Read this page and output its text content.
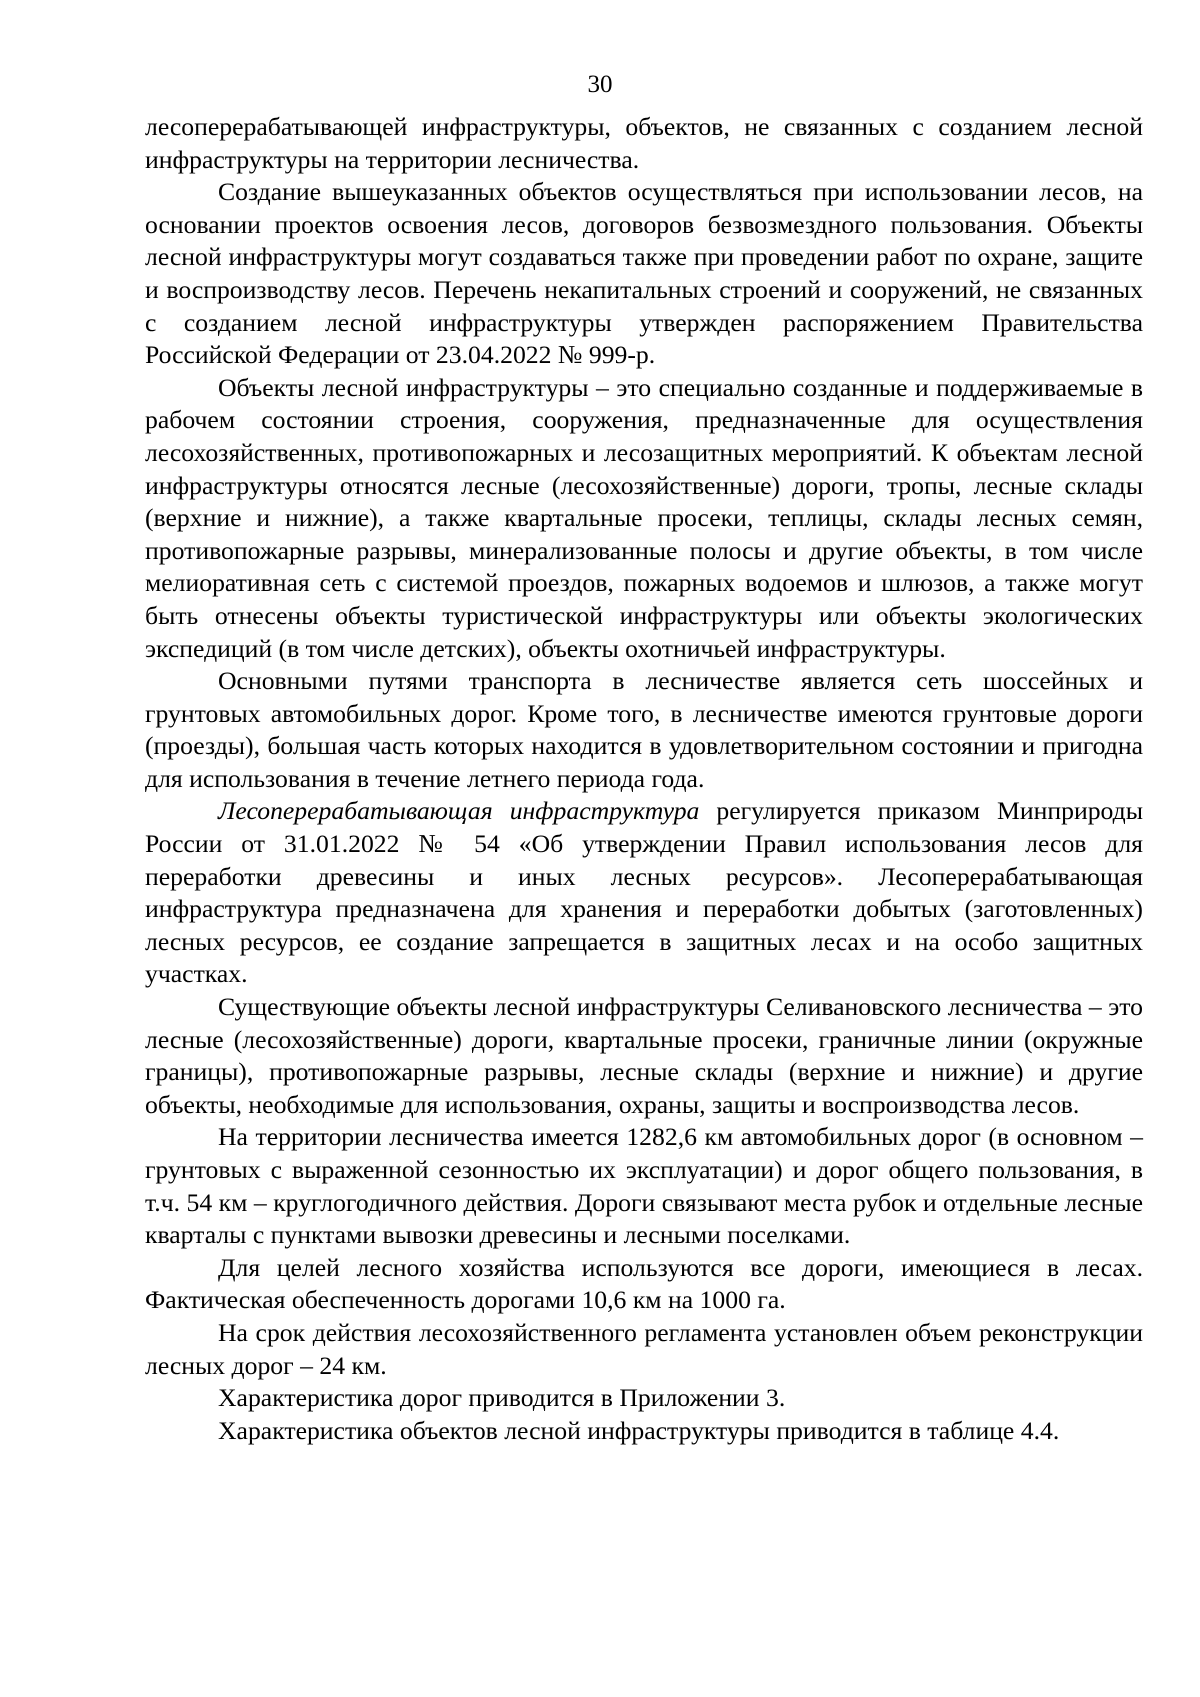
30

лесоперерабатывающей инфраструктуры, объектов, не связанных с созданием лесной инфраструктуры на территории лесничества.

Создание вышеуказанных объектов осуществляться при использовании лесов, на основании проектов освоения лесов, договоров безвозмездного пользования. Объекты лесной инфраструктуры могут создаваться также при проведении работ по охране, защите и воспроизводству лесов. Перечень некапитальных строений и сооружений, не связанных с созданием лесной инфраструктуры утвержден распоряжением Правительства Российской Федерации от 23.04.2022 № 999-р.

Объекты лесной инфраструктуры – это специально созданные и поддерживаемые в рабочем состоянии строения, сооружения, предназначенные для осуществления лесохозяйственных, противопожарных и лесозащитных мероприятий. К объектам лесной инфраструктуры относятся лесные (лесохозяйственные) дороги, тропы, лесные склады (верхние и нижние), а также квартальные просеки, теплицы, склады лесных семян, противопожарные разрывы, минерализованные полосы и другие объекты, в том числе мелиоративная сеть с системой проездов, пожарных водоемов и шлюзов, а также могут быть отнесены объекты туристической инфраструктуры или объекты экологических экспедиций (в том числе детских), объекты охотничьей инфраструктуры.

Основными путями транспорта в лесничестве является сеть шоссейных и грунтовых автомобильных дорог. Кроме того, в лесничестве имеются грунтовые дороги (проезды), большая часть которых находится в удовлетворительном состоянии и пригодна для использования в течение летнего периода года.

Лесоперерабатывающая инфраструктура регулируется приказом Минприроды России от 31.01.2022 № 54 «Об утверждении Правил использования лесов для переработки древесины и иных лесных ресурсов». Лесоперерабатывающая инфраструктура предназначена для хранения и переработки добытых (заготовленных) лесных ресурсов, ее создание запрещается в защитных лесах и на особо защитных участках.

Существующие объекты лесной инфраструктуры Селивановского лесничества – это лесные (лесохозяйственные) дороги, квартальные просеки, граничные линии (окружные границы), противопожарные разрывы, лесные склады (верхние и нижние) и другие объекты, необходимые для использования, охраны, защиты и воспроизводства лесов.

На территории лесничества имеется 1282,6 км автомобильных дорог (в основном – грунтовых с выраженной сезонностью их эксплуатации) и дорог общего пользования, в т.ч. 54 км – круглогодичного действия. Дороги связывают места рубок и отдельные лесные кварталы с пунктами вывозки древесины и лесными поселками.

Для целей лесного хозяйства используются все дороги, имеющиеся в лесах. Фактическая обеспеченность дорогами 10,6 км на 1000 га.

На срок действия лесохозяйственного регламента установлен объем реконструкции лесных дорог – 24 км.

Характеристика дорог приводится в Приложении 3.

Характеристика объектов лесной инфраструктуры приводится в таблице 4.4.
